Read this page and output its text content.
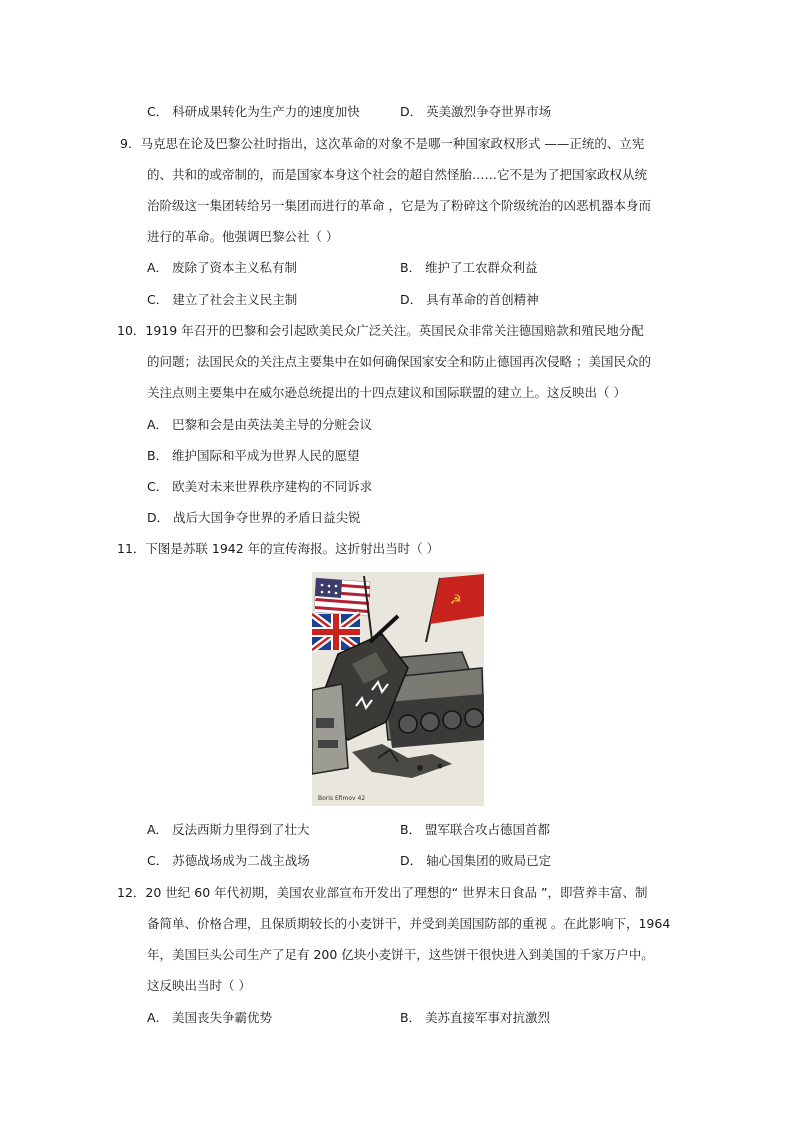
C． 科研成果转化为生产力的速度加快	D． 英美激烈争夺世界市场
9．马克思在论及巴黎公社时指出，这次革命的对象不是哪一种国家政权形式 ——正统的、立宪
的、共和的或帝制的，而是国家本身这个社会的超自然怪胎……它不是为了把国家政权从统
治阶级这一集团转给另一集团而进行的革命 ，它是为了粉碎这个阶级统治的凶恶机器本身而
进行的革命。他强调巴黎公社（ ）
A． 废除了资本主义私有制	B． 维护了工农群众利益
C． 建立了社会主义民主制	D． 具有革命的首创精神
10．1919 年召开的巴黎和会引起欧美民众广泛关注。英国民众非常关注德国赔款和殖民地分配
的问题；法国民众的关注点主要集中在如何确保国家安全和防止德国再次侵略 ；美国民众的
关注点则主要集中在威尔逊总统提出的十四点建议和国际联盟的建立上。这反映出（ ）
A． 巴黎和会是由英法美主导的分赃会议
B． 维护国际和平成为世界人民的愿望
C． 欧美对未来世界秩序建构的不同诉求
D． 战后大国争夺世界的矛盾日益尖锐
11．下图是苏联 1942 年的宣传海报。这折射出当时（ ）
☭
Boris Efimov 42
A． 反法西斯力里得到了壮大	B． 盟军联合攻占德国首都
C． 苏德战场成为二战主战场	D． 轴心国集团的败局已定
12．20 世纪 60 年代初期，美国农业部宣布开发出了理想的“ 世界末日食品 ”，即营养丰富、制
备简单、价格合理，且保质期较长的小麦饼干，并受到美国国防部的重视 。在此影响下，1964
年，美国巨头公司生产了足有 200 亿块小麦饼干，这些饼干很快进入到美国的千家万户中。
这反映出当时（ ）
A． 美国丧失争霸优势	B． 美苏直接军事对抗激烈
